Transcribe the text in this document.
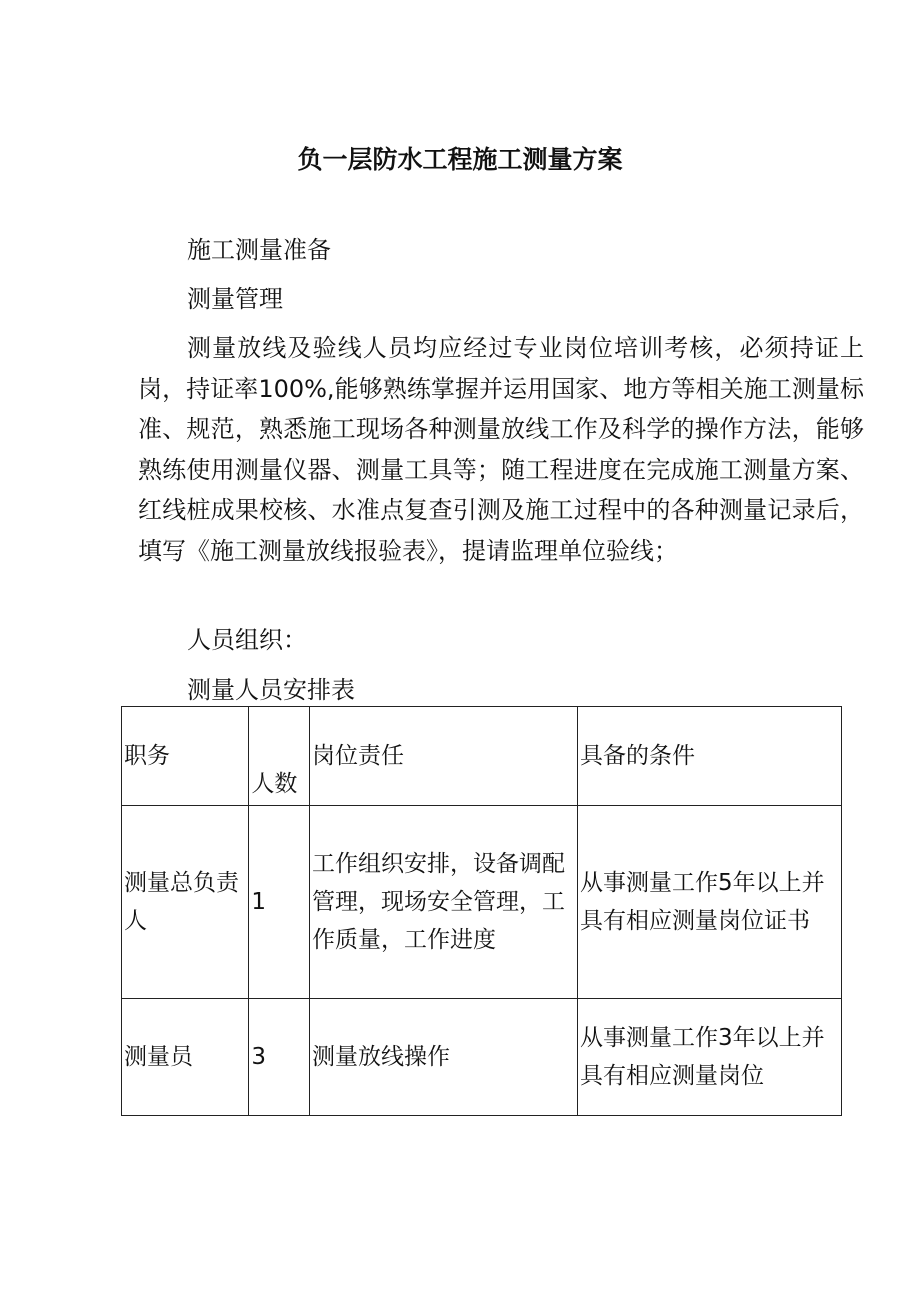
负一层防水工程施工测量方案
施工测量准备
测量管理
测量放线及验线人员均应经过专业岗位培训考核，必须持证上岗，持证率100%,能够熟练掌握并运用国家、地方等相关施工测量标准、规范，熟悉施工现场各种测量放线工作及科学的操作方法，能够熟练使用测量仪器、测量工具等；随工程进度在完成施工测量方案、红线桩成果校核、水准点复查引测及施工过程中的各种测量记录后，填写《施工测量放线报验表》，提请监理单位验线；
人员组织：
测量人员安排表
职务	人数	岗位责任	具备的条件

测量总负责人	1	工作组织安排，设备调配管理，现场安全管理，工作质量，工作进度	从事测量工作5年以上并具有相应测量岗位证书

测量员	3	测量放线操作	从事测量工作3年以上并具有相应测量岗位
